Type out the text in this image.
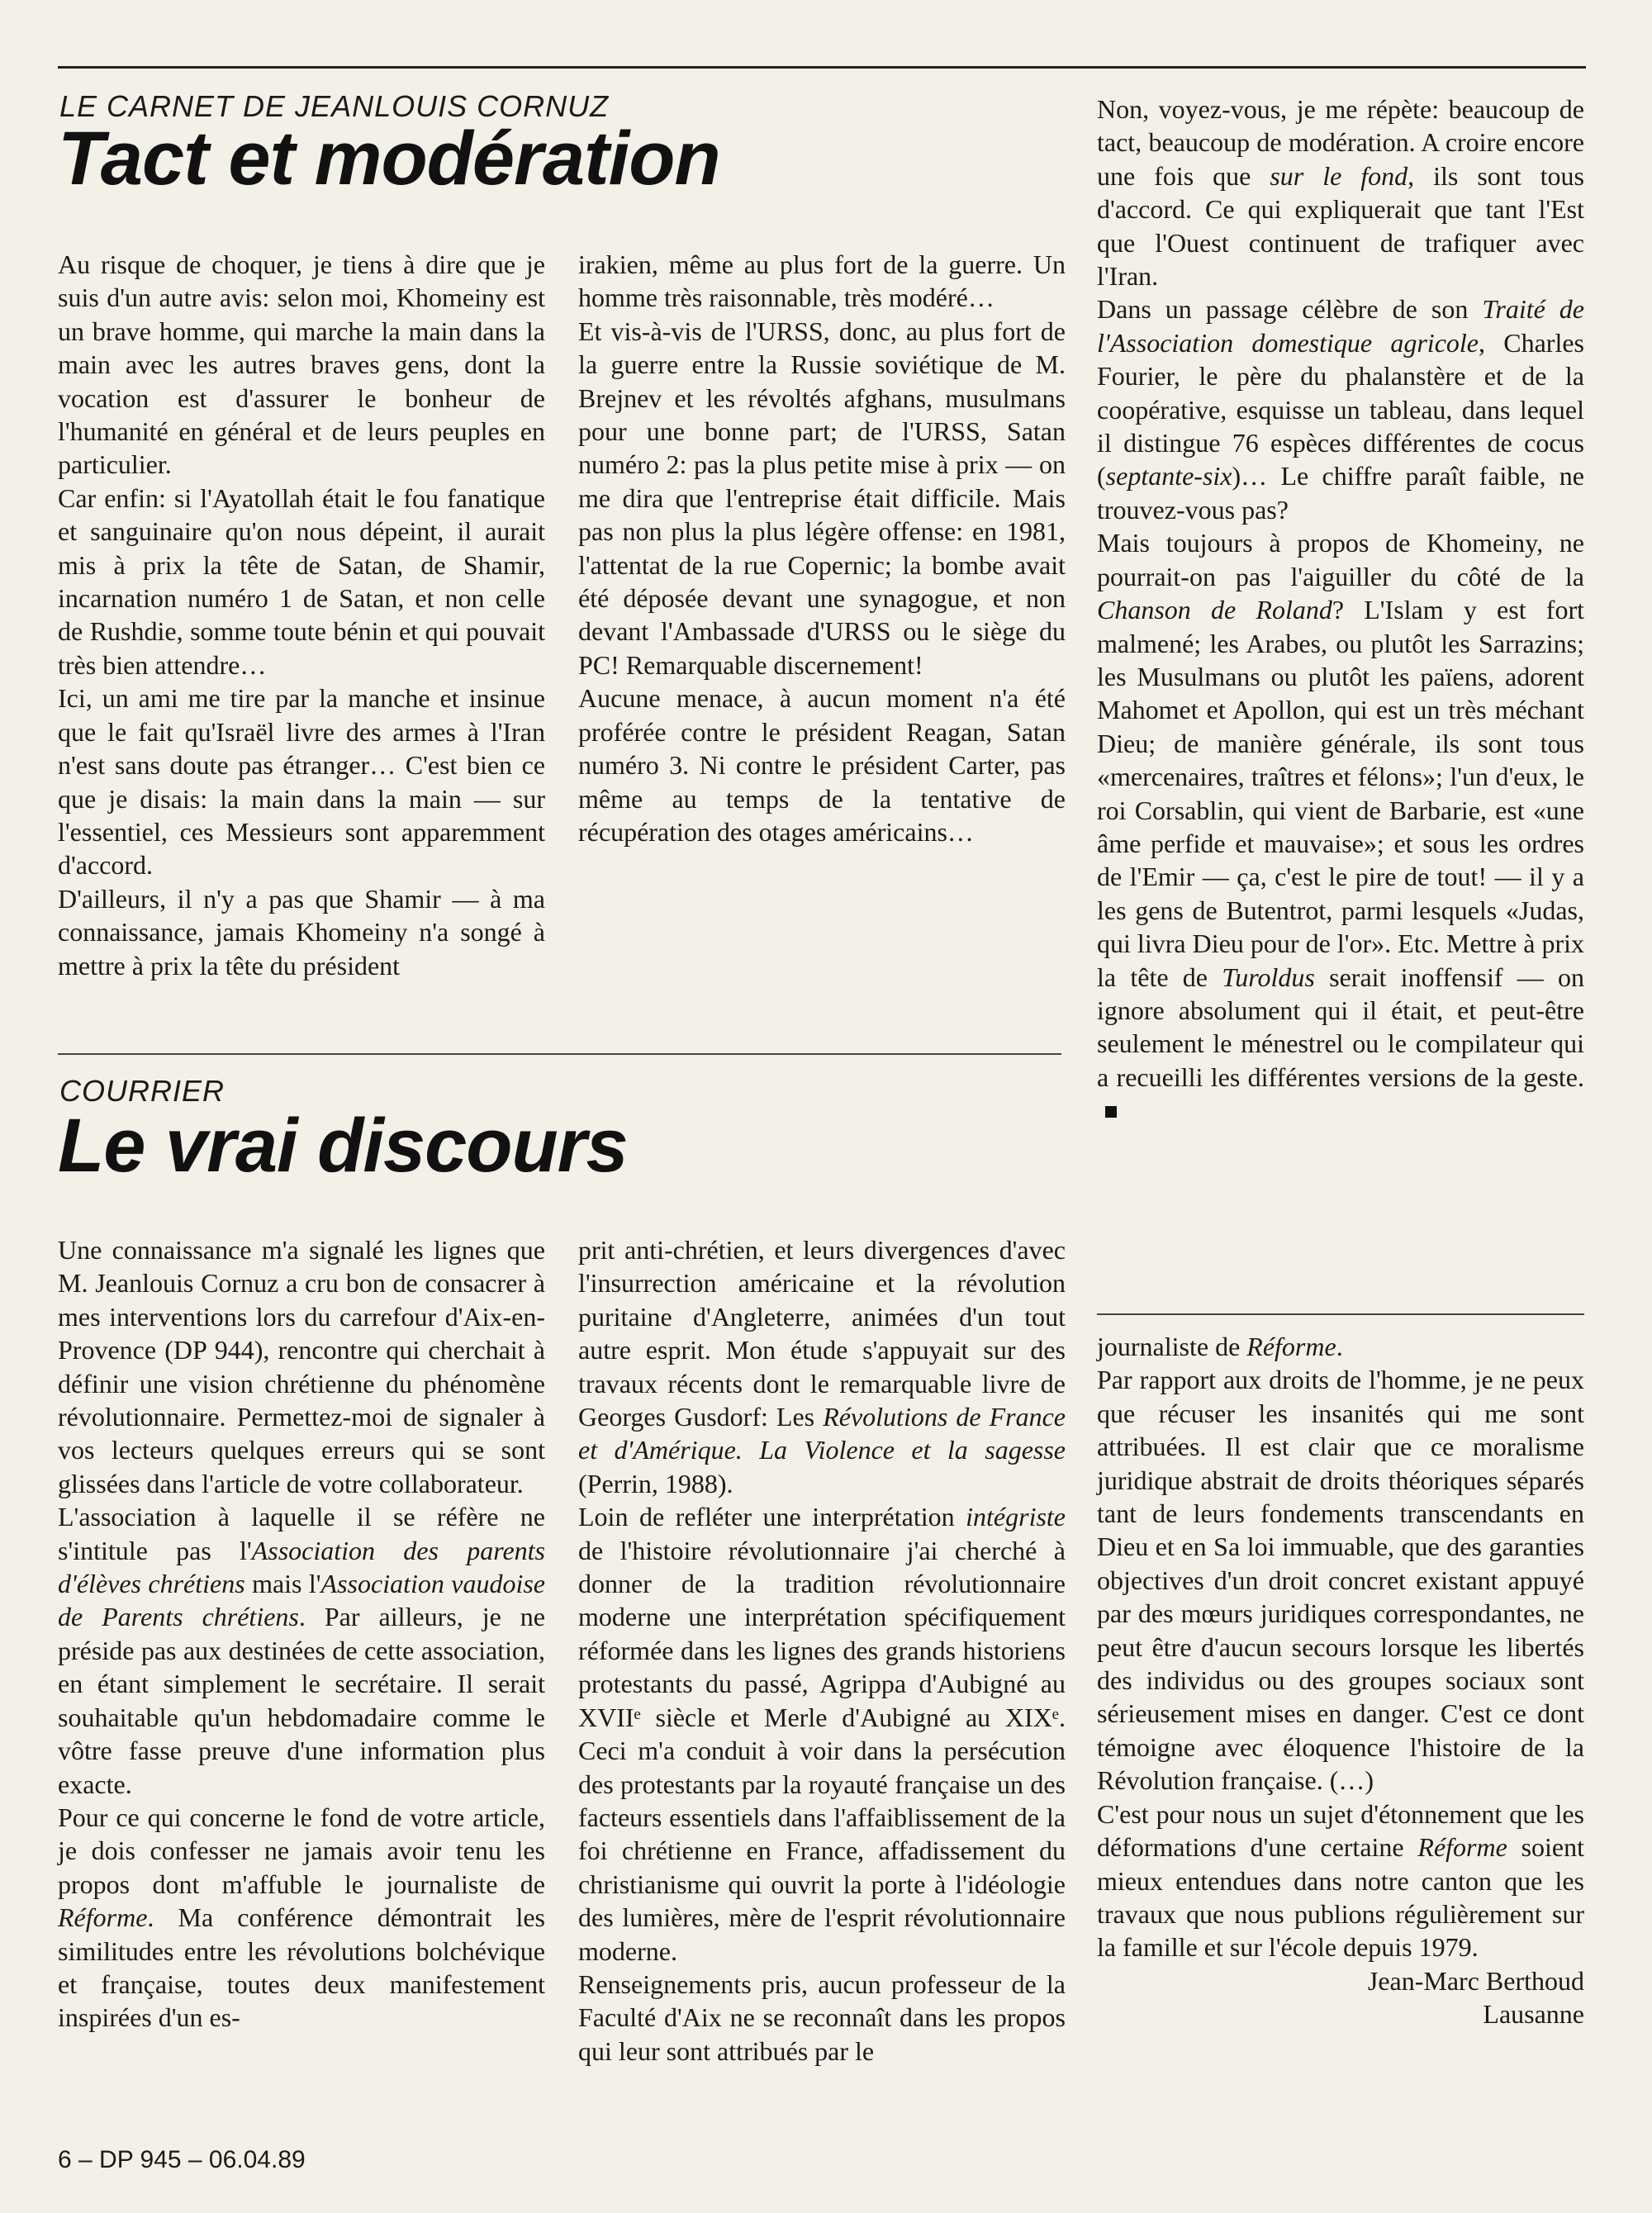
LE CARNET DE JEANLOUIS CORNUZ
Tact et modération

Au risque de choquer, je tiens à dire que je suis d'un autre avis: selon moi, Khomeiny est un brave homme, qui marche la main dans la main avec les autres braves gens, dont la vocation est d'assurer le bonheur de l'humanité en général et de leurs peuples en particulier.

Car enfin: si l'Ayatollah était le fou fanatique et sanguinaire qu'on nous dépeint, il aurait mis à prix la tête de Satan, de Shamir, incarnation numéro 1 de Satan, et non celle de Rushdie, somme toute bénin et qui pouvait très bien attendre…

Ici, un ami me tire par la manche et insinue que le fait qu'Israël livre des armes à l'Iran n'est sans doute pas étranger… C'est bien ce que je disais: la main dans la main — sur l'essentiel, ces Messieurs sont apparemment d'accord.

D'ailleurs, il n'y a pas que Shamir — à ma connaissance, jamais Khomeiny n'a songé à mettre à prix la tête du président

irakien, même au plus fort de la guerre. Un homme très raisonnable, très modéré…

Et vis-à-vis de l'URSS, donc, au plus fort de la guerre entre la Russie soviétique de M. Brejnev et les révoltés afghans, musulmans pour une bonne part; de l'URSS, Satan numéro 2: pas la plus petite mise à prix — on me dira que l'entreprise était difficile. Mais pas non plus la plus légère offense: en 1981, l'attentat de la rue Copernic; la bombe avait été déposée devant une synagogue, et non devant l'Ambassade d'URSS ou le siège du PC! Remarquable discernement!

Aucune menace, à aucun moment n'a été proférée contre le président Reagan, Satan numéro 3. Ni contre le président Carter, pas même au temps de la tentative de récupération des otages américains…

Non, voyez-vous, je me répète: beaucoup de tact, beaucoup de modération. A croire encore une fois que sur le fond, ils sont tous d'accord. Ce qui expliquerait que tant l'Est que l'Ouest continuent de trafiquer avec l'Iran.

Dans un passage célèbre de son Traité de l'Association domestique agricole, Charles Fourier, le père du phalanstère et de la coopérative, esquisse un tableau, dans lequel il distingue 76 espèces différentes de cocus (septante-six)… Le chiffre paraît faible, ne trouvez-vous pas?

Mais toujours à propos de Khomeiny, ne pourrait-on pas l'aiguiller du côté de la Chanson de Roland? L'Islam y est fort malmené; les Arabes, ou plutôt les Sarrazins; les Musulmans ou plutôt les païens, adorent Mahomet et Apollon, qui est un très méchant Dieu; de manière générale, ils sont tous «mercenaires, traîtres et félons»; l'un d'eux, le roi Corsablin, qui vient de Barbarie, est «une âme perfide et mauvaise»; et sous les ordres de l'Emir — ça, c'est le pire de tout! — il y a les gens de Butentrot, parmi lesquels «Judas, qui livra Dieu pour de l'or». Etc. Mettre à prix la tête de Turoldus serait inoffensif — on ignore absolument qui il était, et peut-être seulement le ménestrel ou le compilateur qui a recueilli les différentes versions de la geste.

COURRIER
Le vrai discours

Une connaissance m'a signalé les lignes que M. Jeanlouis Cornuz a cru bon de consacrer à mes interventions lors du carrefour d'Aix-en-Provence (DP 944), rencontre qui cherchait à définir une vision chrétienne du phénomène révolutionnaire. Permettez-moi de signaler à vos lecteurs quelques erreurs qui se sont glissées dans l'article de votre collaborateur.

L'association à laquelle il se réfère ne s'intitule pas l'Association des parents d'élèves chrétiens mais l'Association vaudoise de Parents chrétiens. Par ailleurs, je ne préside pas aux destinées de cette association, en étant simplement le secrétaire. Il serait souhaitable qu'un hebdomadaire comme le vôtre fasse preuve d'une information plus exacte.

Pour ce qui concerne le fond de votre article, je dois confesser ne jamais avoir tenu les propos dont m'affuble le journaliste de Réforme. Ma conférence démontrait les similitudes entre les révolutions bolchévique et française, toutes deux manifestement inspirées d'un es-

prit anti-chrétien, et leurs divergences d'avec l'insurrection américaine et la révolution puritaine d'Angleterre, animées d'un tout autre esprit. Mon étude s'appuyait sur des travaux récents dont le remarquable livre de Georges Gusdorf: Les Révolutions de France et d'Amérique. La Violence et la sagesse (Perrin, 1988).

Loin de refléter une interprétation intégriste de l'histoire révolutionnaire j'ai cherché à donner de la tradition révolutionnaire moderne une interprétation spécifiquement réformée dans les lignes des grands historiens protestants du passé, Agrippa d'Aubigné au XVIIᵉ siècle et Merle d'Aubigné au XIXᵉ. Ceci m'a conduit à voir dans la persécution des protestants par la royauté française un des facteurs essentiels dans l'affaiblissement de la foi chrétienne en France, affadissement du christianisme qui ouvrit la porte à l'idéologie des lumières, mère de l'esprit révolutionnaire moderne.

Renseignements pris, aucun professeur de la Faculté d'Aix ne se reconnaît dans les propos qui leur sont attribués par le

journaliste de Réforme.

Par rapport aux droits de l'homme, je ne peux que récuser les insanités qui me sont attribuées. Il est clair que ce moralisme juridique abstrait de droits théoriques séparés tant de leurs fondements transcendants en Dieu et en Sa loi immuable, que des garanties objectives d'un droit concret existant appuyé par des mœurs juridiques correspondantes, ne peut être d'aucun secours lorsque les libertés des individus ou des groupes sociaux sont sérieusement mises en danger. C'est ce dont témoigne avec éloquence l'histoire de la Révolution française. (…)

C'est pour nous un sujet d'étonnement que les déformations d'une certaine Réforme soient mieux entendues dans notre canton que les travaux que nous publions régulièrement sur la famille et sur l'école depuis 1979.

Jean-Marc Berthoud

Lausanne

6 – DP 945 – 06.04.89
